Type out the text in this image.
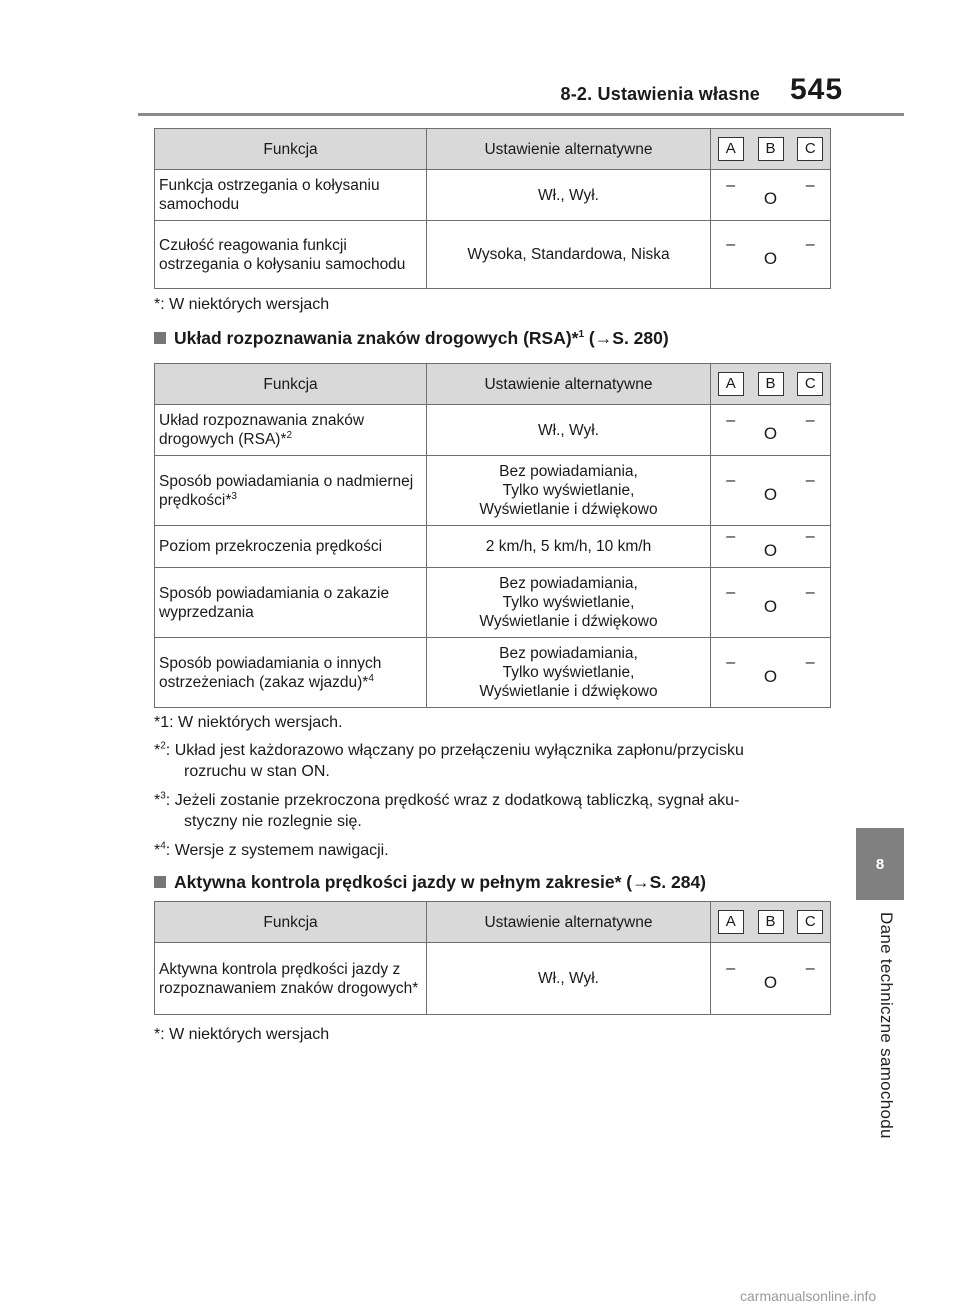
8-2. Ustawienia własne 545
Funkcja	Ustawienie alternatywne	A	B	C
Funkcja ostrzegania o kołysaniu samochodu	Wł., Wył.	–	O	–
Czułość reagowania funkcji ostrzegania o kołysaniu samochodu	Wysoka, Standardowa, Niska	–	O	–
*: W niektórych wersjach
Układ rozpoznawania znaków drogowych (RSA)*$^1$ (→S. 280)
Funkcja	Ustawienie alternatywne	A	B	C
Układ rozpoznawania znaków drogowych (RSA)*$^2$	Wł., Wył.	–	O	–
Sposób powiadamiania o nadmiernej prędkości*$^3$	Bez powiadamiania,
Tylko wyświetlanie,
Wyświetlanie i dźwiękowo	–	O	–
Poziom przekroczenia prędkości	2 km/h, 5 km/h, 10 km/h	–	O	–
Sposób powiadamiania o zakazie wyprzedzania	Bez powiadamiania,
Tylko wyświetlanie,
Wyświetlanie i dźwiękowo	–	O	–
Sposób powiadamiania o innych ostrzeżeniach (zakaz wjazdu)*$^4$	Bez powiadamiania,
Tylko wyświetlanie,
Wyświetlanie i dźwiękowo	–	O	–
*1: W niektórych wersjach.
*$^2$: Układ jest każdorazowo włączany po przełączeniu wyłącznika zapłonu/przycisku
rozruchu w stan ON.
*$^3$: Jeżeli zostanie przekroczona prędkość wraz z dodatkową tabliczką, sygnał aku-
styczny nie rozlegnie się.
*$^4$: Wersje z systemem nawigacji.
Aktywna kontrola prędkości jazdy w pełnym zakresie* (→S. 284)
Funkcja	Ustawienie alternatywne	A	B	C
Aktywna kontrola prędkości jazdy z rozpoznawaniem znaków drogowych*	Wł., Wył.	–	O	–
*: W niektórych wersjach
8
Dane techniczne samochodu
carmanualsonline.info
